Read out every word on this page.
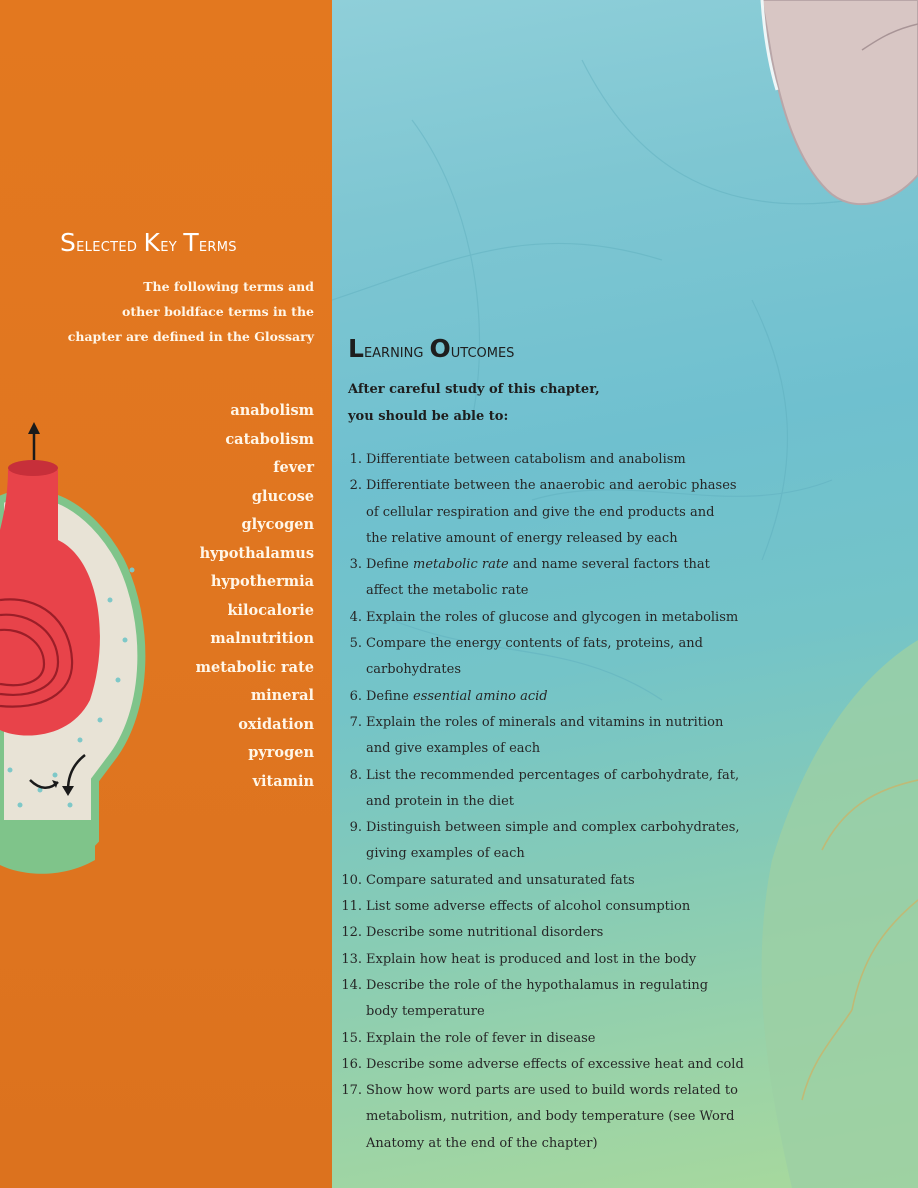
Selected Key Terms
The following terms and
other boldface terms in the
chapter are defined in the Glossary
anabolism
catabolism
fever
glucose
glycogen
hypothalamus
hypothermia
kilocalorie
malnutrition
metabolic rate
mineral
oxidation
pyrogen
vitamin
Learning Outcomes
After careful study of this chapter,
you should be able to:
1. Differentiate between catabolism and anabolism
2. Differentiate between the anaerobic and aerobic phases
of cellular respiration and give the end products and
the relative amount of energy released by each
3. Define metabolic rate and name several factors that
affect the metabolic rate
4. Explain the roles of glucose and glycogen in metabolism
5. Compare the energy contents of fats, proteins, and
carbohydrates
6. Define essential amino acid
7. Explain the roles of minerals and vitamins in nutrition
and give examples of each
8. List the recommended percentages of carbohydrate, fat,
and protein in the diet
9. Distinguish between simple and complex carbohydrates,
giving examples of each
10. Compare saturated and unsaturated fats
11. List some adverse effects of alcohol consumption
12. Describe some nutritional disorders
13. Explain how heat is produced and lost in the body
14. Describe the role of the hypothalamus in regulating
body temperature
15. Explain the role of fever in disease
16. Describe some adverse effects of excessive heat and cold
17. Show how word parts are used to build words related to
metabolism, nutrition, and body temperature (see Word
Anatomy at the end of the chapter)
